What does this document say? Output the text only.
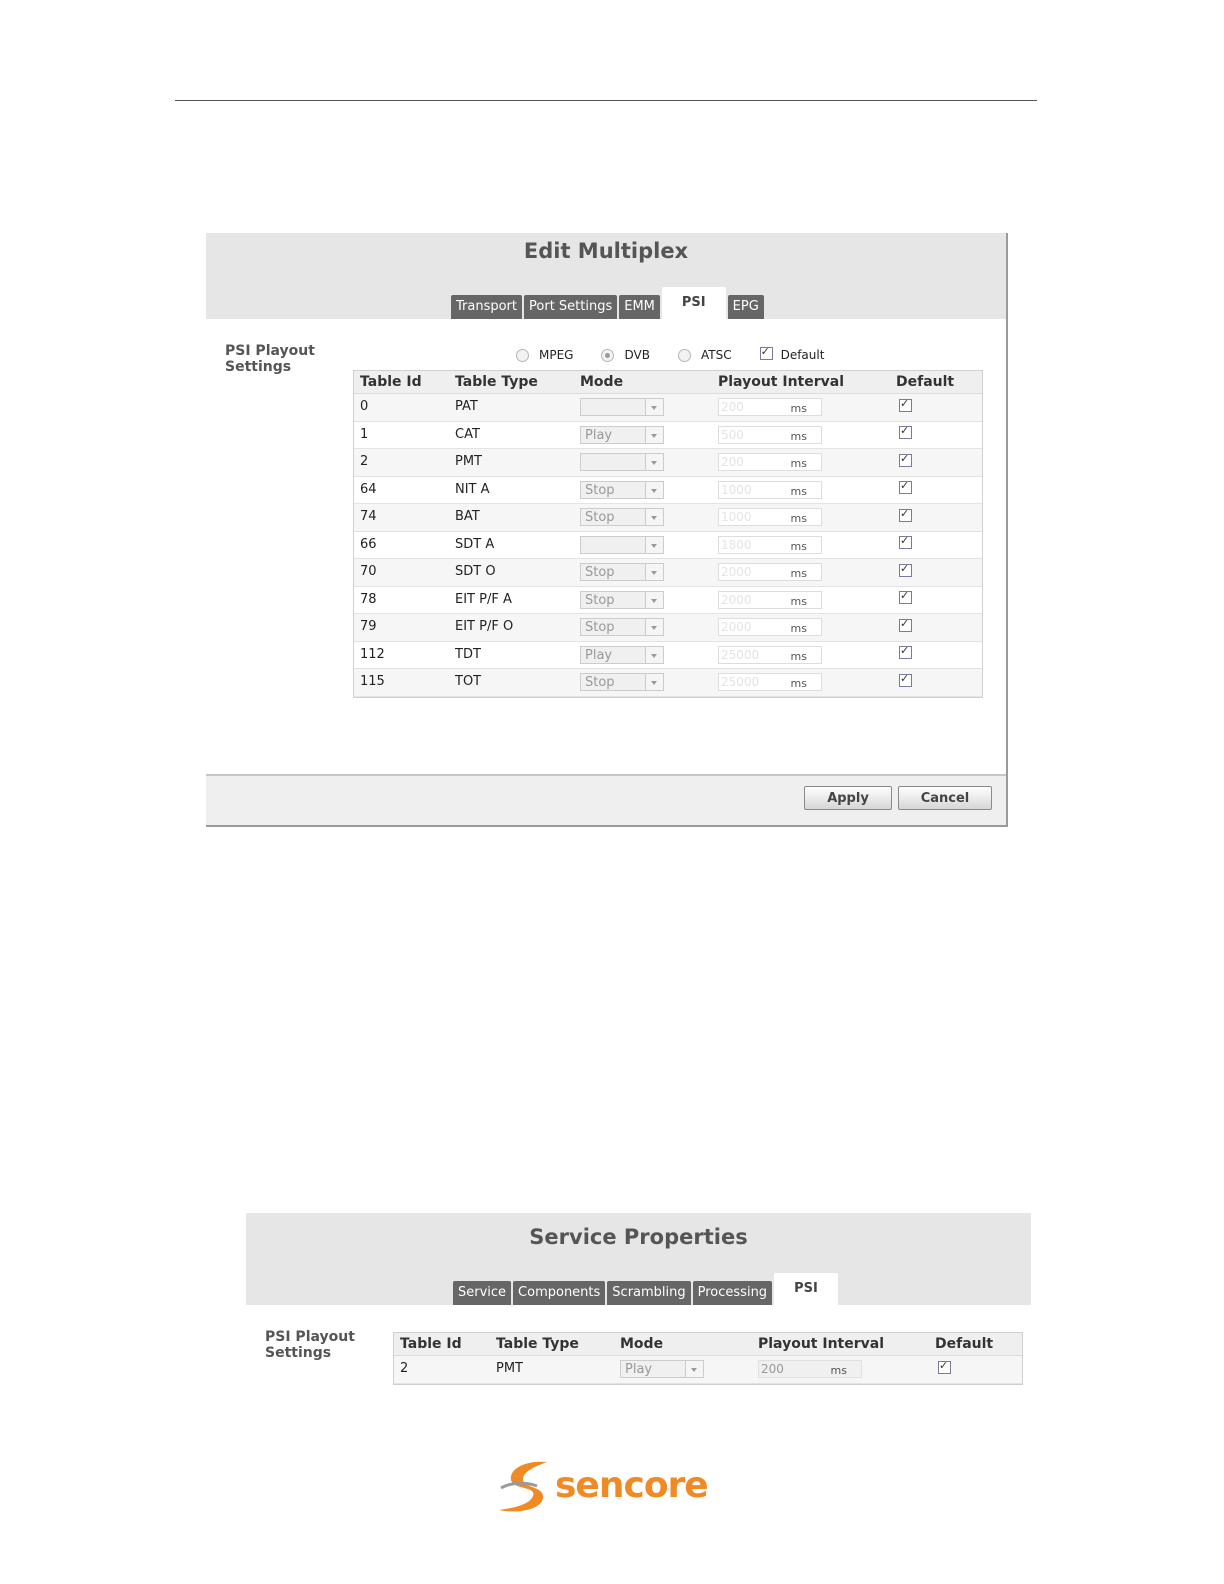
Edit Multiplex
Transport Port Settings EMM	PSI	EPG
PSI Playout
Settings
MPEG	DVB	ATSC
✓	Default
Table Id	Table Type	Mode	Playout Interval	Default
0	PAT	200	ms
✓
1	CAT	Play	500	ms
✓
2	PMT	200	ms
✓
64	NIT A	Stop	1000	ms
✓
74	BAT	Stop	1000	ms
✓
66	SDT A	1800	ms
✓
70	SDT O	Stop	2000	ms
✓
78	EIT P/F A	Stop	2000	ms
✓
79	EIT P/F O	Stop	2000	ms
✓
112	TDT	Play	25000	ms
✓
115	TOT	Stop	25000	ms
✓
Apply	Cancel
Service Properties
Service Components Scrambling Processing	PSI
PSI Playout
Settings
Table Id	Table Type	Mode	Playout Interval	Default
2	PMT	Play	200	ms
✓
sencore
